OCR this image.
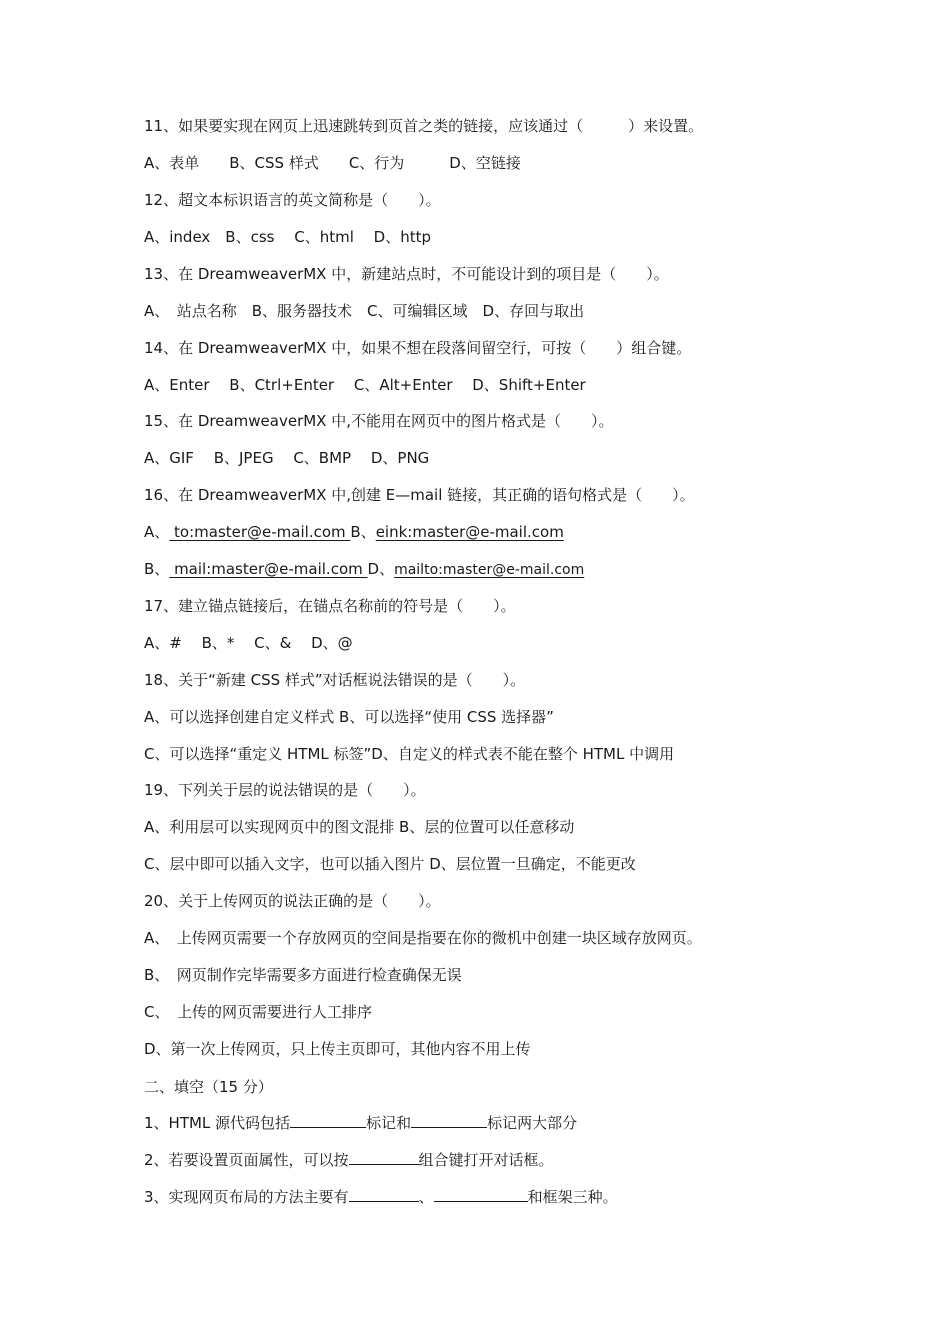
11、如果要实现在网页上迅速跳转到页首之类的链接，应该通过（　　　）来设置。
A、表单　　B、CSS 样式　　C、行为　　　D、空链接
12、超文本标识语言的英文简称是（　　）。
A、index　B、css　 C、html　 D、http
13、在 DreamweaverMX 中，新建站点时，不可能设计到的项目是（　　）。
A、　站点名称　B、服务器技术　C、可编辑区域　D、存回与取出
14、在 DreamweaverMX 中，如果不想在段落间留空行，可按（　　）组合键。
A、Enter　 B、Ctrl+Enter　 C、Alt+Enter　 D、Shift+Enter
15、在 DreamweaverMX 中,不能用在网页中的图片格式是（　　）。
A、GIF　 B、JPEG　 C、BMP　 D、PNG
16、在 DreamweaverMX 中,创建 E—mail 链接，其正确的语句格式是（　　）。
A、 to:master@e-mail.com B、eink:master@e-mail.com
B、 mail:master@e-mail.com D、mailto:master@e-mail.com
17、建立锚点链接后，在锚点名称前的符号是（　　）。
A、#　 B、*　 C、&　 D、@
18、关于“新建 CSS 样式”对话框说法错误的是（　　）。
A、可以选择创建自定义样式 B、可以选择“使用 CSS 选择器”
C、可以选择“重定义 HTML 标签”D、自定义的样式表不能在整个 HTML 中调用
19、下列关于层的说法错误的是（　　）。
A、利用层可以实现网页中的图文混排 B、层的位置可以任意移动
C、层中即可以插入文字，也可以插入图片 D、层位置一旦确定，不能更改
20、关于上传网页的说法正确的是（　　）。
A、　上传网页需要一个存放网页的空间是指要在你的微机中创建一块区域存放网页。
B、　网页制作完毕需要多方面进行检查确保无误
C、　上传的网页需要进行人工排序
D、第一次上传网页，只上传主页即可，其他内容不用上传
二、填空（15 分）
1、HTML 源代码包括	标记和	标记两大部分
2、若要设置页面属性，可以按	组合键打开对话框。
3、实现网页布局的方法主要有	、	和框架三种。
